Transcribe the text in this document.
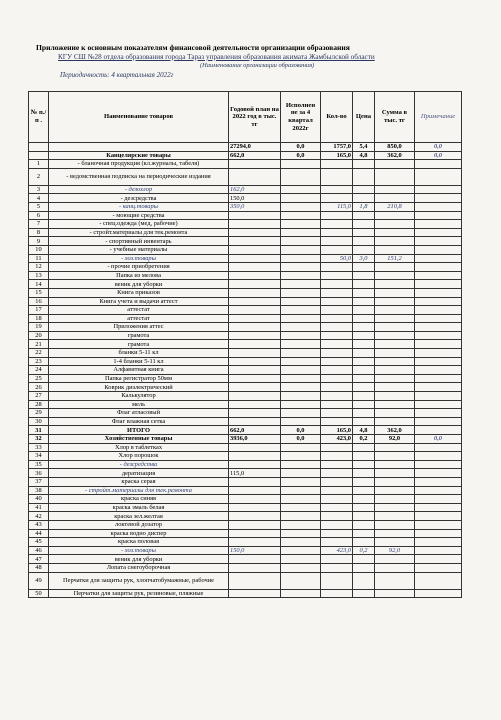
Приложение к основным показателям финансовой деятельности организации образования
КГУ СШ №28 отдела образования города Тараз управления образования акимата Жамбылской области
(Наименование организации образования)
Периодичность: 4 квартальная 2022г
№ п./п .	Наименование товаров	Годовой план на 2022 год в тыс. тг	Исполнен не за 4 квартал 2022г	Кол-во	Цена	Сумма в тыс. тг	Примечание
		27294,0	0,0	1757,0	5,4	850,0	0,0
	Канцелярские товары	662,0	0,0	165,0	4,8	362,0	0,0
1	- бланочная продукция (кл.журналы, табеля)						
2	- ведомственная подписка на периодические издания						
3	- дезохлор	162,0					
4	- дезсредства	150,0					
5	- канц.товары	350,0		115,0	1,8	210,8	
6	- моющие средства						
7	- спец.одежда (мед, рабочие)						
8	- стройт.материалы для тек.ремонта						
9	- спортивный инвентарь						
10	- учебные материалы						
11	- хоз.товары			50,0	3,0	151,2	
12	- прочие приобретения						
13	Папка из мелова						
14	веник для уборки						
15	Книга приказов						
16	Книга учета и выдачи аттест						
17	аттестат						
18	аттестат						
19	Приложения аттес						
20	грамота						
21	грамота						
22	бланки 5-11 кл						
23	1-4 бланки 5-11 кл						
24	Алфавитная книга						
25	Папка регистратор 50мм						
26	Коврик диэлектрический						
27	Калькулятор						
28	мель						
29	Флаг атласовый						
30	Флаг влажная сетка						
31	ИТОГО	662,0	0,0	165,0	4,8	362,0	
32	Хозяйственные товары	3936,0	0,0	423,0	0,2	92,0	0,0
33	Хлор в таблетках						
34	Хлор порошок						
35	- дезсредства						
36	дератизация	115,0					
37	краска серая						
38	- стройт.материалы для тек.ремонта						
40	краска синяя						
41	краска эмаль белая						
42	краска зел.желтая						
43	локтевой дозатор						
44	краска водно диспер						
45	краска половая						
46	- хоз.товары	150,0		423,0	0,2	92,0	
47	веник для уборки						
48	Лопата снегоуборочная						
49	Перчатки для защиты рук, хлопчатобумажные, рабочие						
50	Перчатки для защиты рук, резиновые, пляжные						
